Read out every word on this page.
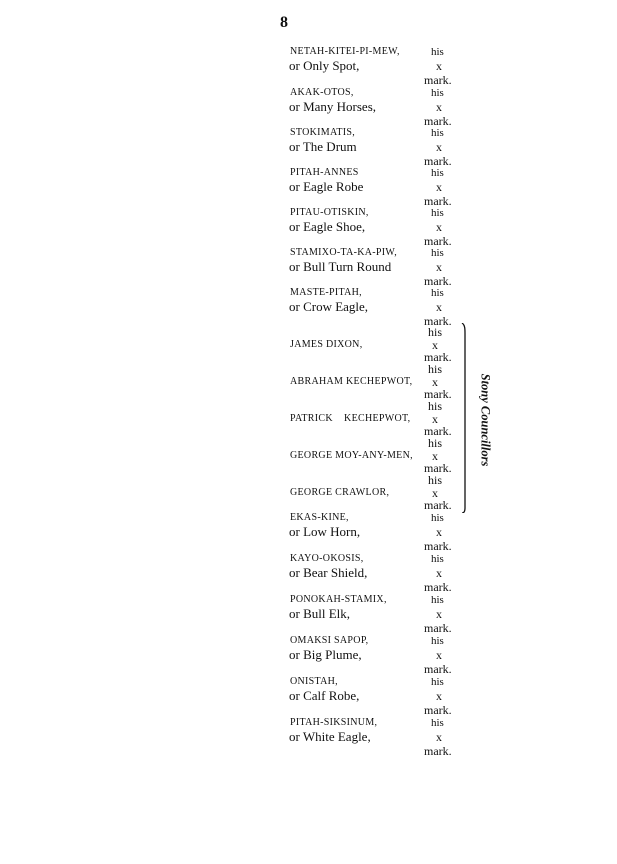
8
NETAH-KITEI-PI-MEW,
or Only Spot,
his
x
mark.
AKAK-OTOS,
or Many Horses,
his
x
mark.
STOKIMATIS,
or The Drum
his
x
mark.
PITAH-ANNES
or Eagle Robe
his
x
mark.
PITAU-OTISKIN,
or Eagle Shoe,
his
x
mark.
STAMIXO-TA-KA-PIW,
or Bull Turn Round
his
x
mark.
MASTE-PITAH,
or Crow Eagle,
his
x
mark.
JAMES DIXON,
his
x
mark.
ABRAHAM KECHEPWOT,
his
x
mark.
PATRICK    KECHEPWOT,
his
x
mark.
GEORGE MOY-ANY-MEN,
his
x
mark.
GEORGE CRAWLOR,
his
x
mark.
Stony Councillors
EKAS-KINE,
or Low Horn,
his
x
mark.
KAYO-OKOSIS,
or Bear Shield,
his
x
mark.
PONOKAH-STAMIX,
or Bull Elk,
his
x
mark.
OMAKSI SAPOP,
or Big Plume,
his
x
mark.
ONISTAH,
or Calf Robe,
his
x
mark.
PITAH-SIKSINUM,
or White Eagle,
his
x
mark.
